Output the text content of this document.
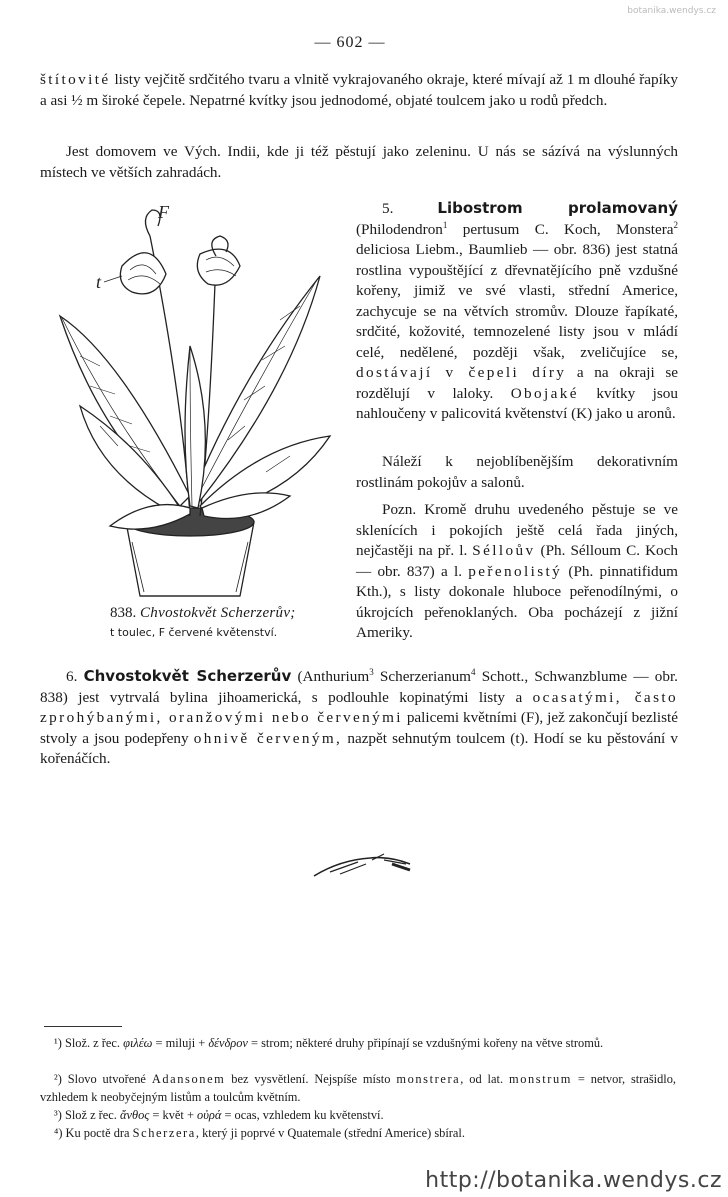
botanika.wendys.cz
— 602 —

štítovité listy vejčitě srdčitého tvaru a vlnitě vykrajovaného okraje, které mívají až 1 m dlouhé řapíky a asi ½ m široké čepele. Nepatrné kvítky jsou jednodomé, objaté toulcem jako u rodů předch.

Jest domovem ve Vých. Indii, kde ji též pěstují jako zeleninu. U nás se sázívá na výslunných místech ve větších zahradách.

5.	Libostrom prolamovaný (Philodendron$^1$ pertusum C. Koch, Monstera$^2$ deliciosa Liebm., Baumlieb — obr. 836) jest statná rostlina vypouštějící z dřevnatějícího pně vzdušné kořeny, jimiž ve své vlasti, střední Americe, zachycuje se na větvích stromův. Dlouze řapíkaté, srdčité, kožovité, temnozelené listy jsou v mládí celé, nedělené, později však, zveličujíce se, dostávají v čepeli díry a na okraji se rozdělují v laloky. Obojaké kvítky jsou nahloučeny v palicovitá květenství (K) jako u aronů.

Náleží k nejoblíbenějším dekorativním rostlinám pokojův a salonů.

Pozn. Kromě druhu uvedeného pěstuje se ve sklenících i pokojích ještě celá řada jiných, nejčastěji na př. l. Sélloův (Ph. Sélloum C. Koch — obr. 837) a l. peřenolistý (Ph. pinnatifidum Kth.), s listy dokonale hluboce peřenodílnými, o úkrojcích peřenoklaných. Oba pocházejí z jižní Ameriky.

F
t
838. Chvostokvět Scherzerův;
t toulec, F červené květenství.

6. Chvostokvět Scherzerův (Anthurium$^3$ Scherzerianum$^4$ Schott., Schwanzblume — obr. 838) jest vytrvalá bylina jihoamerická, s podlouhle kopinatými listy a ocasatými, často zprohýbanými, oranžovými nebo červenými palicemi květními (F), jež zakončují bezlisté stvoly a jsou podepřeny ohnivě červeným, nazpět sehnutým toulcem (t). Hodí se ku pěstování v kořenáčích.

¹) Slož. z řec. φιλέω = miluji + δένδρον = strom; některé druhy připínají se vzdušnými kořeny na větve stromů.

²) Slovo utvořené Adansonem bez vysvětlení. Nejspíše místo monstrera, od lat. monstrum = netvor, strašidlo, vzhledem k neobyčejným listům a toulcům květním.

³) Slož z řec. ἄνθος = květ + οὐρά = ocas, vzhledem ku květenství.

⁴) Ku poctě dra Scherzera, který ji poprvé v Quatemale (střední Americe) sbíral.

http://botanika.wendys.cz
